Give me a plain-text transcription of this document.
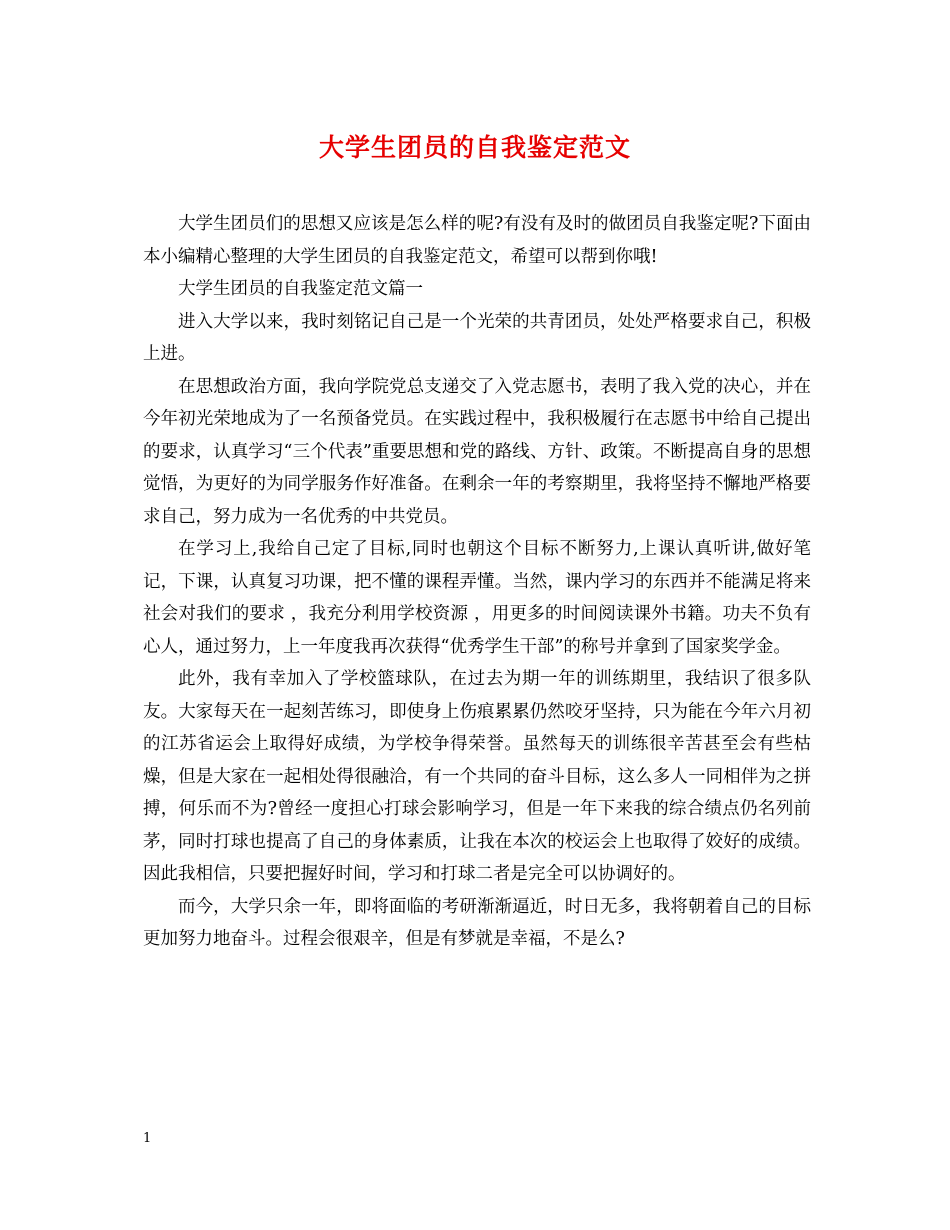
大学生团员的自我鉴定范文

大学生团员们的思想又应该是怎么样的呢?有没有及时的做团员自我鉴定呢?下面由本小编精心整理的大学生团员的自我鉴定范文，希望可以帮到你哦!

大学生团员的自我鉴定范文篇一

进入大学以来，我时刻铭记自己是一个光荣的共青团员，处处严格要求自己，积极上进。

在思想政治方面，我向学院党总支递交了入党志愿书，表明了我入党的决心，并在今年初光荣地成为了一名预备党员。在实践过程中，我积极履行在志愿书中给自己提出的要求，认真学习“三个代表”重要思想和党的路线、方针、政策。不断提高自身的思想觉悟，为更好的为同学服务作好准备。在剩余一年的考察期里，我将坚持不懈地严格要求自己，努力成为一名优秀的中共党员。

在学习上,我给自己定了目标,同时也朝这个目标不断努力,上课认真听讲,做好笔记，下课，认真复习功课，把不懂的课程弄懂。当然，课内学习的东西并不能满足将来社会对我们的要求 ，我充分利用学校资源 ，用更多的时间阅读课外书籍。功夫不负有心人，通过努力，上一年度我再次获得“优秀学生干部”的称号并拿到了国家奖学金。

此外，我有幸加入了学校篮球队，在过去为期一年的训练期里，我结识了很多队友。大家每天在一起刻苦练习，即使身上伤痕累累仍然咬牙坚持，只为能在今年六月初的江苏省运会上取得好成绩，为学校争得荣誉。虽然每天的训练很辛苦甚至会有些枯燥，但是大家在一起相处得很融洽，有一个共同的奋斗目标，这么多人一同相伴为之拼搏，何乐而不为?曾经一度担心打球会影响学习，但是一年下来我的综合绩点仍名列前茅，同时打球也提高了自己的身体素质，让我在本次的校运会上也取得了姣好的成绩。因此我相信，只要把握好时间，学习和打球二者是完全可以协调好的。

而今，大学只余一年，即将面临的考研渐渐逼近，时日无多，我将朝着自己的目标更加努力地奋斗。过程会很艰辛，但是有梦就是幸福，不是么?

1
